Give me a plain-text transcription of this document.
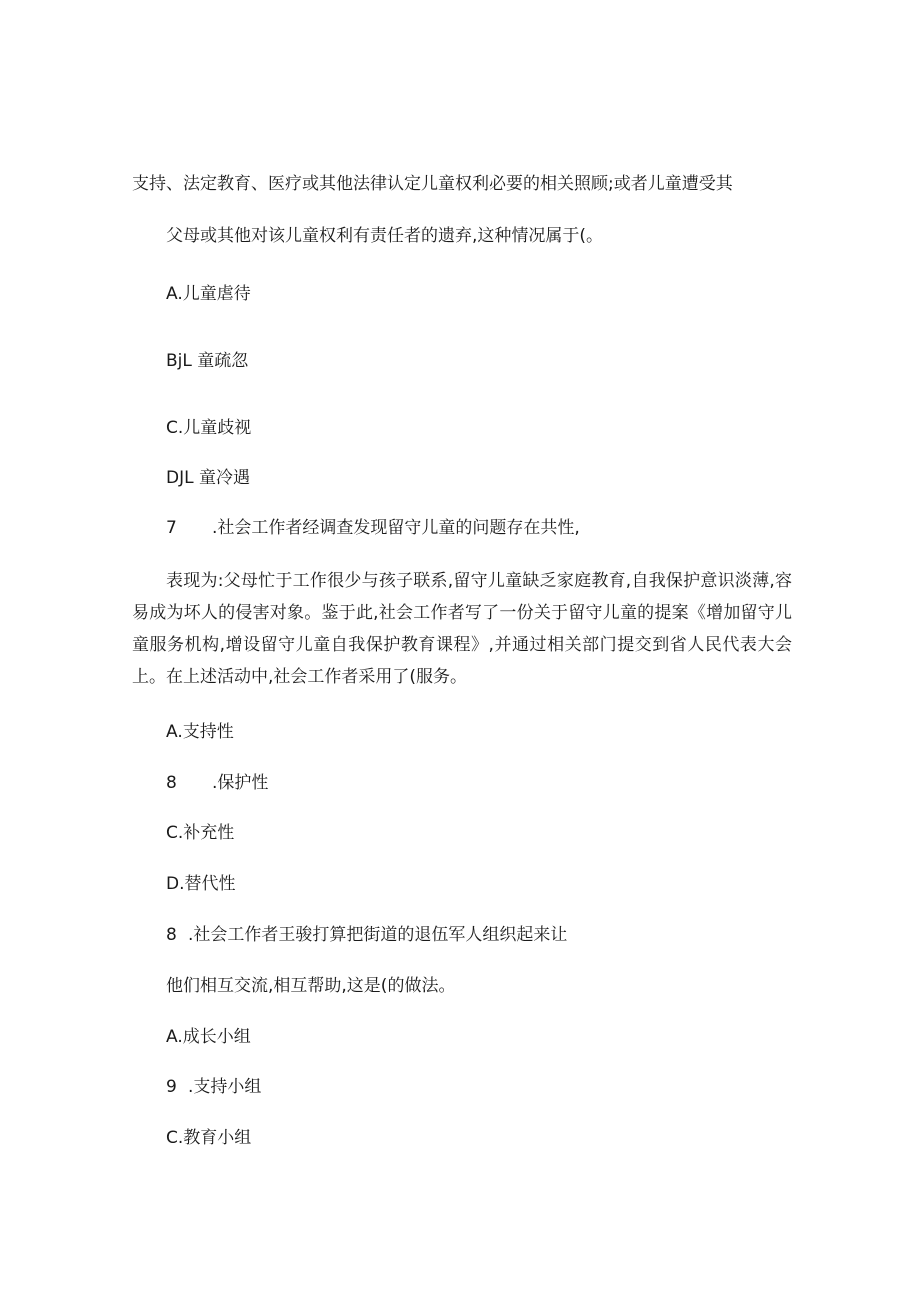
支持、法定教育、医疗或其他法律认定儿童权利必要的相关照顾;或者儿童遭受其

父母或其他对该儿童权利有责任者的遗弃,这种情况属于(。

A.儿童虐待

BjL 童疏忽

C.儿童歧视

DJL 童冷遇

7 .社会工作者经调查发现留守儿童的问题存在共性,

表现为:父母忙于工作很少与孩子联系,留守儿童缺乏家庭教育,自我保护意识淡薄,容易成为坏人的侵害对象。鉴于此,社会工作者写了一份关于留守儿童的提案《增加留守儿童服务机构,增设留守儿童自我保护教育课程》,并通过相关部门提交到省人民代表大会上。在上述活动中,社会工作者采用了(服务。

A.支持性

8 .保护性

C.补充性

D.替代性

8 .社会工作者王骏打算把街道的退伍军人组织起来让

他们相互交流,相互帮助,这是(的做法。

A.成长小组

9 .支持小组

C.教育小组
